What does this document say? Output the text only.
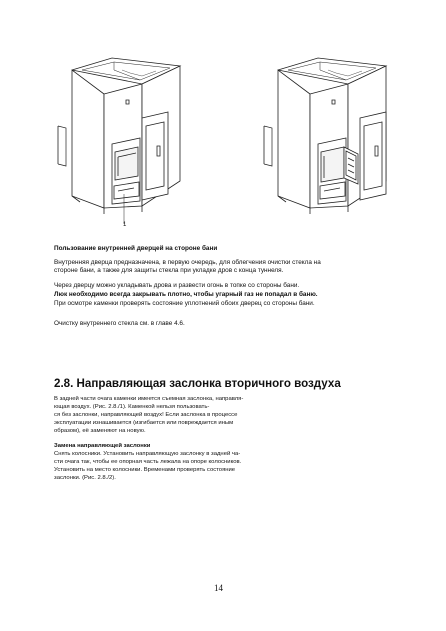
1
Пользование внутренней дверцей на стороне бани
Внутренняя дверца предназначена, в первую очередь, для облегчения очистки стекла на
стороне бани, а также для защиты стекла при укладке дров с конца туннеля.
Через дверцу можно укладывать дрова и развести огонь в топке со стороны бани.
Люк необходимо всегда закрывать плотно, чтобы угарный газ не попадал в баню.
При осмотре каменки проверять состояние уплотнений обоих дверец со стороны бани.
Очистку внутреннего стекла см. в главе 4.6.
2.8. Направляющая заслонка вторичного воздуха
В задней части очага каменки имеется съемная заслонка, направля-
ющая воздух. (Рис. 2.8./1). Каменкой нельзя пользовать-
ся без заслонки, направляющей воздух! Если заслонка в процессе
эксплуатации изнашивается (изгибается или повреждается иным
образом), её заменяют на новую.
Замена направляющей заслонки
Снять колосники. Установить направляющую заслонку в задней ча-
сти очага так, чтобы ее опорная часть лежала на опоре колосников.
Установить на место колосники. Временами проверять состояние
заслонки. (Рис. 2.8./2).
14
